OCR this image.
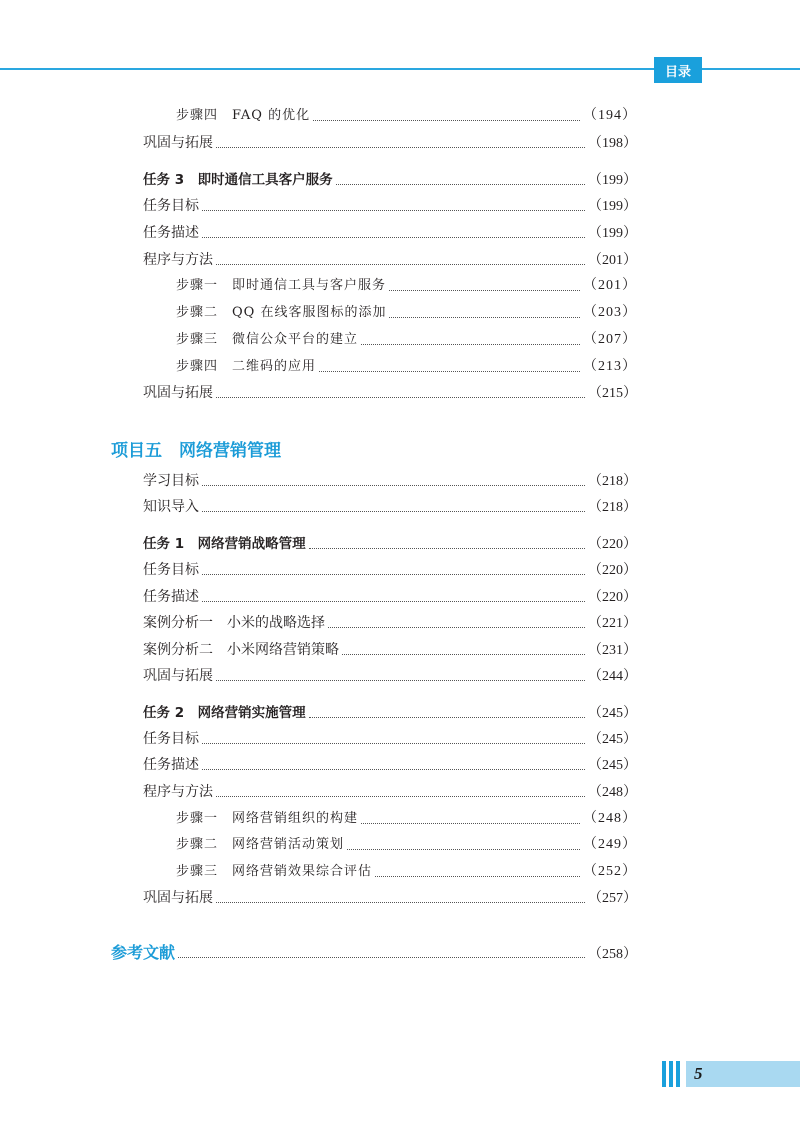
目录
步骤四　FAQ 的优化	（194）
巩固与拓展	（198）
任务 3　即时通信工具客户服务	（199）
任务目标	（199）
任务描述	（199）
程序与方法	（201）
步骤一　即时通信工具与客户服务	（201）
步骤二　QQ 在线客服图标的添加	（203）
步骤三　微信公众平台的建立	（207）
步骤四　二维码的应用	（213）
巩固与拓展	（215）
项目五　网络营销管理
学习目标	（218）
知识导入	（218）
任务 1　网络营销战略管理	（220）
任务目标	（220）
任务描述	（220）
案例分析一　小米的战略选择	（221）
案例分析二　小米网络营销策略	（231）
巩固与拓展	（244）
任务 2　网络营销实施管理	（245）
任务目标	（245）
任务描述	（245）
程序与方法	（248）
步骤一　网络营销组织的构建	（248）
步骤二　网络营销活动策划	（249）
步骤三　网络营销效果综合评估	（252）
巩固与拓展	（257）
参考文献	（258）
5
